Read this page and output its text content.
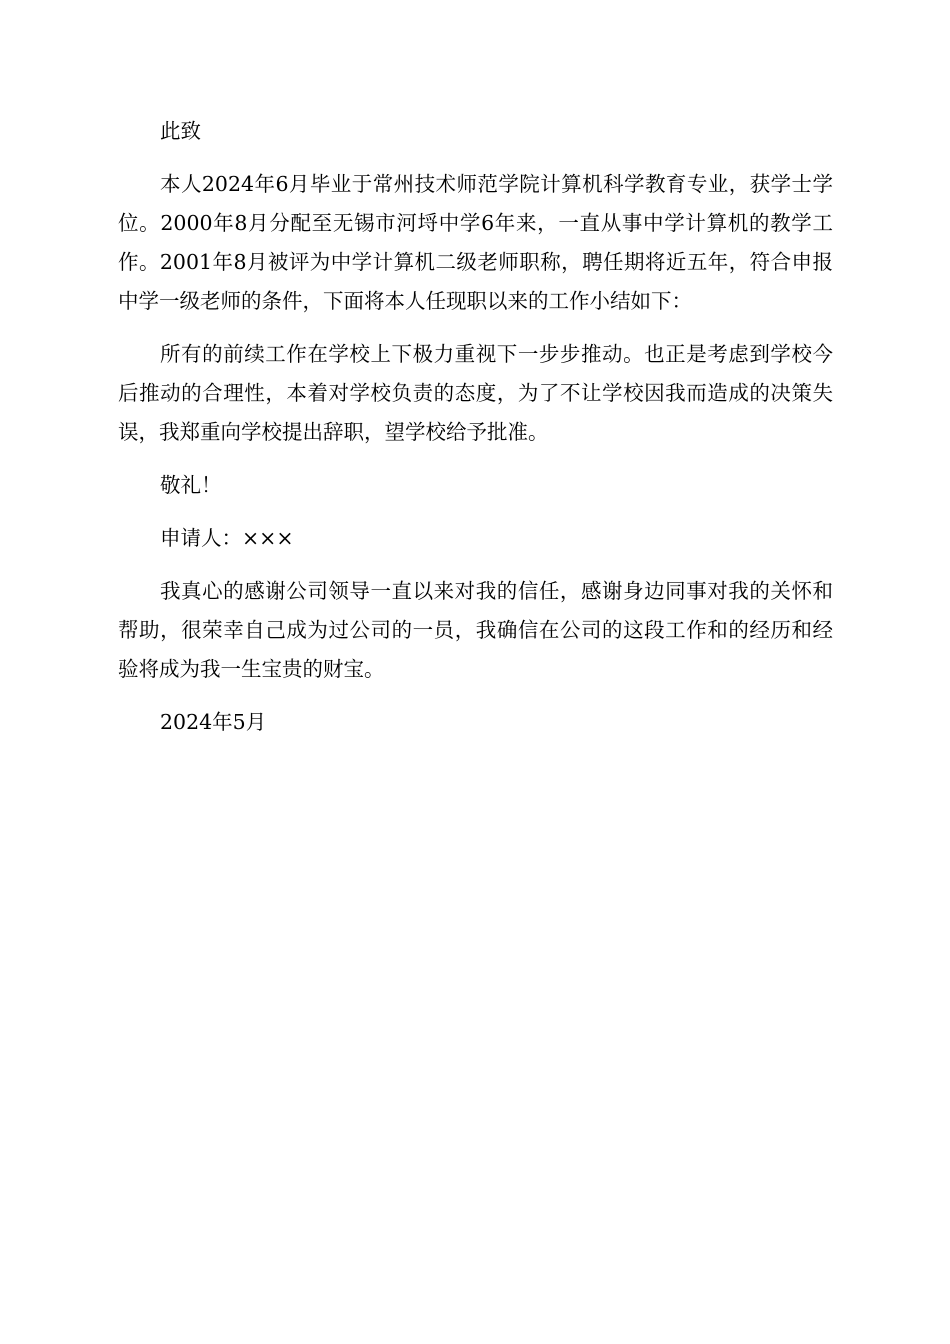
此致

本人2024年6月毕业于常州技术师范学院计算机科学教育专业，获学士学位。2000年8月分配至无锡市河埒中学6年来，一直从事中学计算机的教学工作。2001年8月被评为中学计算机二级老师职称，聘任期将近五年，符合申报中学一级老师的条件，下面将本人任现职以来的工作小结如下：

所有的前续工作在学校上下极力重视下一步步推动。也正是考虑到学校今后推动的合理性，本着对学校负责的态度，为了不让学校因我而造成的决策失误，我郑重向学校提出辞职，望学校给予批准。

敬礼！

申请人：×××

我真心的感谢公司领导一直以来对我的信任，感谢身边同事对我的关怀和帮助，很荣幸自己成为过公司的一员，我确信在公司的这段工作和的经历和经验将成为我一生宝贵的财宝。

2024年5月
